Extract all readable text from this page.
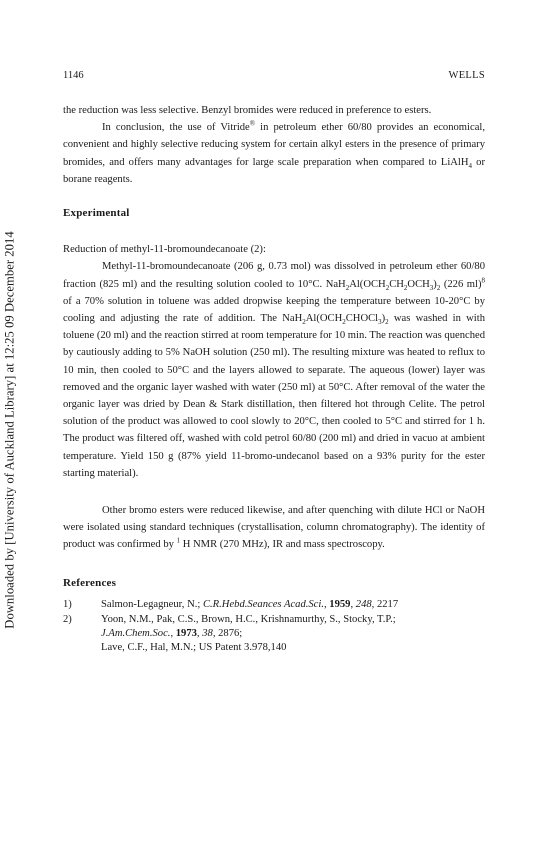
Downloaded by [University of Auckland Library] at 12:25 09 December 2014
1146	WELLS

the reduction was less selective. Benzyl bromides were reduced in preference to esters.

In conclusion, the use of Vitride® in petroleum ether 60/80 provides an economical, convenient and highly selective reducing system for certain alkyl esters in the presence of primary bromides, and offers many advantages for large scale preparation when compared to LiAlH$_4$ or borane reagents.

Experimental

Reduction of methyl-11-bromoundecanoate (2):

Methyl-11-bromoundecanoate (206 g, 0.73 mol) was dissolved in petroleum ether 60/80 fraction (825 ml) and the resulting solution cooled to 10°C. $NaH_2Al(OCH_2CH_2OCH_3)_2$ (226 ml)$^8$ of a 70% solution in toluene was added dropwise keeping the temperature between 10-20°C by cooling and adjusting the rate of addition. The $NaH_2Al(OCH_2CHOCl_3)_2$ was washed in with toluene (20 ml) and the reaction stirred at room temperature for 10 min. The reaction was quenched by cautiously adding to 5% NaOH solution (250 ml). The resulting mixture was heated to reflux to 10 min, then cooled to 50°C and the layers allowed to separate. The aqueous (lower) layer was removed and the organic layer washed with water (250 ml) at 50°C. After removal of the water the organic layer was dried by Dean & Stark distillation, then filtered hot through Celite. The petrol solution of the product was allowed to cool slowly to 20°C, then cooled to 5°C and stirred for 1 h. The product was filtered off, washed with cold petrol 60/80 (200 ml) and dried in vacuo at ambient temperature. Yield 150 g (87% yield 11-bromo-undecanol based on a 93% purity for the ester starting material).

Other bromo esters were reduced likewise, and after quenching with dilute HCl or NaOH were isolated using standard techniques (crystallisation, column chromatography). The identity of product was confirmed by $^1$ H NMR (270 MHz), IR and mass spectroscopy.

References
1)	Salmon-Legagneur, N.; C.R.Hebd.Seances Acad.Sci., 1959, 248, 2217
2)	Yoon, N.M., Pak, C.S., Brown, H.C., Krishnamurthy, S., Stocky, T.P.;
J.Am.Chem.Soc., 1973, 38, 2876;
Lave, C.F., Hal, M.N.; US Patent 3.978,140
